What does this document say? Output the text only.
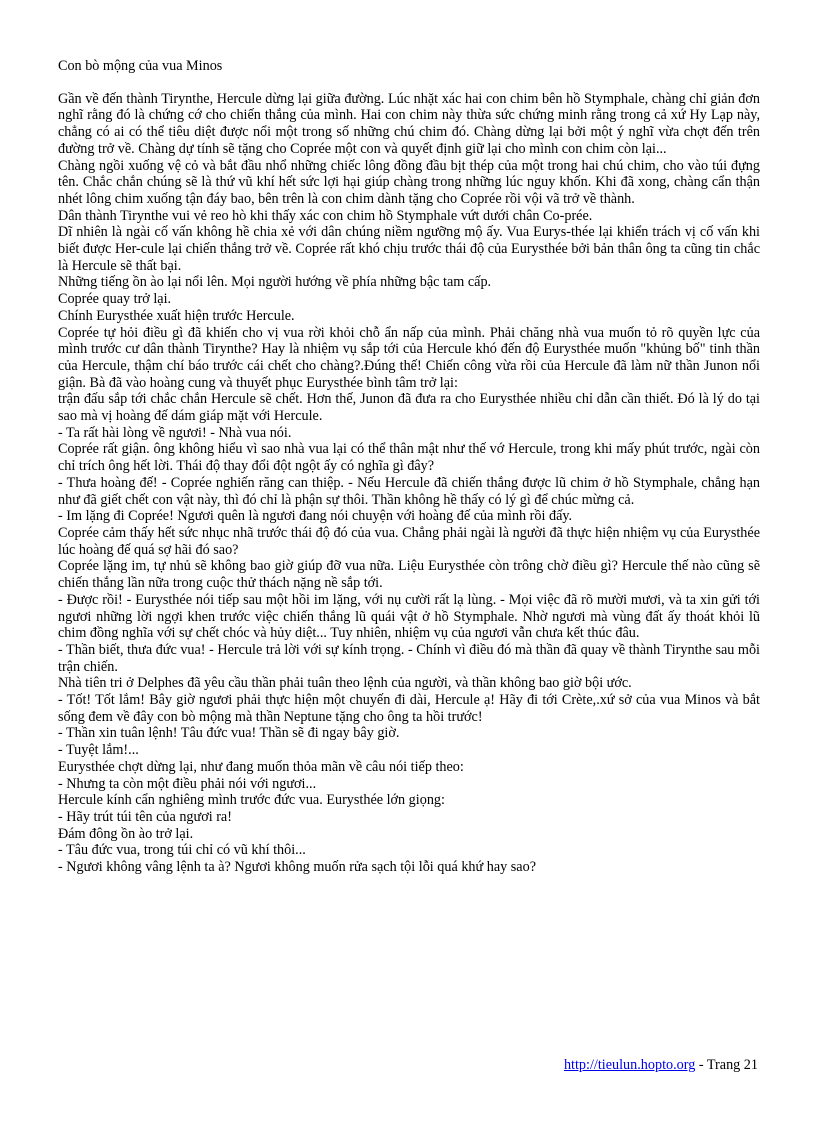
Con bò mộng của vua Minos

Gần về đến thành Tirynthe, Hercule dừng lại giữa đường. Lúc nhặt xác hai con chim bên hồ Stymphale, chàng chỉ giản đơn nghĩ rằng đó là chứng cớ cho chiến thắng của mình. Hai con chim này thừa sức chứng minh rằng trong cả xứ Hy Lạp này, chẳng có ai có thể tiêu diệt được nổi một trong số những chú chim đó. Chàng dừng lại bởi một ý nghĩ vừa chợt đến trên đường trở về. Chàng dự tính sẽ tặng cho Coprée một con và quyết định giữ lại cho mình con chim còn lại...

Chàng ngồi xuống vệ cỏ và bắt đầu nhổ những chiếc lông đồng đầu bịt thép của một trong hai chú chim, cho vào túi đựng tên. Chắc chắn chúng sẽ là thứ vũ khí hết sức lợi hại giúp chàng trong những lúc nguy khốn. Khi đã xong, chàng cẩn thận nhét lông chim xuống tận đáy bao, bên trên là con chim dành tặng cho Coprée rồi vội vã trở về thành.

Dân thành Tirynthe vui vẻ reo hò khi thấy xác con chim hồ Stymphale vứt dưới chân Co-prée.

Dĩ nhiên là ngài cố vấn không hề chia xẻ với dân chúng niềm ngưỡng mộ ấy. Vua Eurys-thée lại khiển trách vị cố vấn khi biết được Her-cule lại chiến thắng trở về. Coprée rất khó chịu trước thái độ của Eurysthée bởi bản thân ông ta cũng tin chắc là Hercule sẽ thất bại.

Những tiếng ồn ào lại nổi lên. Mọi người hướng về phía những bậc tam cấp.

Coprée quay trở lại.

Chính Eurysthée xuất hiện trước Hercule.

Coprée tự hỏi điều gì đã khiến cho vị vua rời khỏi chỗ ẩn nấp của mình. Phải chăng nhà vua muốn tỏ rõ quyền lực của mình trước cư dân thành Tirynthe? Hay là nhiệm vụ sắp tới của Hercule khó đến độ Eurysthée muốn "khủng bố" tinh thần của Hercule, thậm chí báo trước cái chết cho chàng?.Đúng thế! Chiến công vừa rồi của Hercule đã làm nữ thần Junon nổi giận. Bà đã vào hoàng cung và thuyết phục Eurysthée bình tâm trở lại:

trận đấu sắp tới chắc chắn Hercule sẽ chết. Hơn thế, Junon đã đưa ra cho Eurysthée nhiều chỉ dẫn cần thiết. Đó là lý do tại sao mà vị hoàng đế dám giáp mặt với Hercule.

- Ta rất hài lòng về ngươi! - Nhà vua nói.

Coprée rất giận. ông không hiểu vì sao nhà vua lại có thể thân mật như thế vớ Hercule, trong khi mấy phút trước, ngài còn chỉ trích ông hết lời. Thái độ thay đổi đột ngột ấy có nghĩa gì đây?

- Thưa hoàng đế! - Coprée nghiến răng can thiệp. - Nếu Hercule đã chiến thắng được lũ chim ở hồ Stymphale, chẳng hạn như đã giết chết con vật này, thì đó chỉ là phận sự thôi. Thần không hề thấy có lý gì để chúc mừng cả.

- Im lặng đi Coprée! Ngươi quên là ngươi đang nói chuyện với hoàng đế của mình rồi đấy.

Coprée cảm thấy hết sức nhục nhã trước thái độ đó của vua. Chẳng phải ngài là người đã thực hiện nhiệm vụ của Eurysthée lúc hoàng đế quá sợ hãi đó sao?

Coprée lặng im, tự nhủ sẽ không bao giờ giúp đỡ vua nữa. Liệu Eurysthée còn trông chờ điều gì? Hercule thế nào cũng sẽ chiến thắng lần nữa trong cuộc thử thách nặng nề sắp tới.

- Được rồi! - Eurysthée nói tiếp sau một hồi im lặng, với nụ cười rất lạ lùng. - Mọi việc đã rõ mười mươi, và ta xin gửi tới ngươi những lời ngợi khen trước việc chiến thắng lũ quái vật ở hồ Stymphale. Nhờ ngươi mà vùng đất ấy thoát khỏi lũ chim đồng nghĩa với sự chết chóc và hủy diệt... Tuy nhiên, nhiệm vụ của ngươi vẫn chưa kết thúc đâu.

- Thần biết, thưa đức vua! - Hercule trả lời với sự kính trọng. - Chính vì điều đó mà thần đã quay về thành Tirynthe sau mỗi trận chiến.

Nhà tiên tri ở Delphes đã yêu cầu thần phải tuân theo lệnh của người, và thần không bao giờ bội ước.

- Tốt! Tốt lắm! Bây giờ ngươi phải thực hiện một chuyến đi dài, Hercule ạ! Hãy đi tới Crète,.xứ sở của vua Minos và bắt sống đem về đây con bò mộng mà thần Neptune tặng cho ông ta hồi trước!

- Thần xin tuân lệnh! Tâu đức vua! Thần sẽ đi ngay bây giờ.

- Tuyệt lắm!...

Eurysthée chợt dừng lại, như đang muốn thỏa mãn về câu nói tiếp theo:

- Nhưng ta còn một điều phải nói với ngươi...

Hercule kính cẩn nghiêng mình trước đức vua. Eurysthée lớn giọng:

- Hãy trút túi tên của ngươi ra!

Đám đông ồn ào trở lại.

- Tâu đức vua, trong túi chỉ có vũ khí thôi...

- Ngươi không vâng lệnh ta à? Ngươi không muốn rửa sạch tội lỗi quá khứ hay sao?

http://tieulun.hopto.org - Trang 21
